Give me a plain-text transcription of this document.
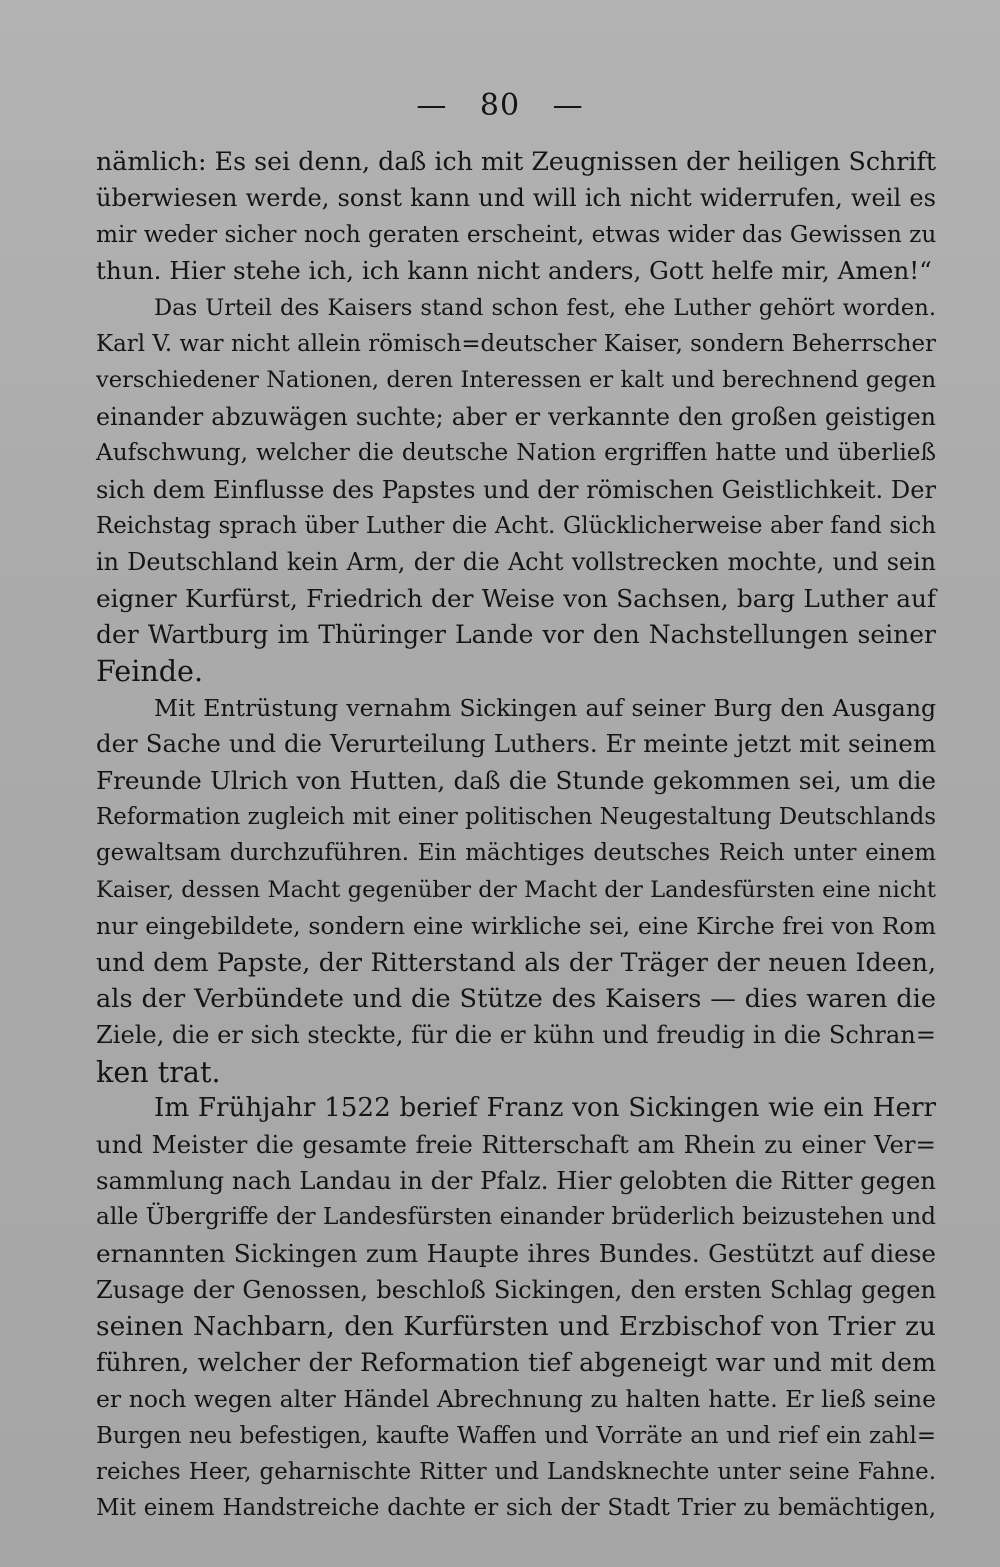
— 80 —
nämlich: Es sei denn, daß ich mit Zeugnissen der heiligen Schrift
überwiesen werde, sonst kann und will ich nicht widerrufen, weil es
mir weder sicher noch geraten erscheint, etwas wider das Gewissen zu
thun. Hier stehe ich, ich kann nicht anders, Gott helfe mir, Amen!“
Das Urteil des Kaisers stand schon fest, ehe Luther gehört worden.
Karl V. war nicht allein römisch=deutscher Kaiser, sondern Beherrscher
verschiedener Nationen, deren Interessen er kalt und berechnend gegen
einander abzuwägen suchte; aber er verkannte den großen geistigen
Aufschwung, welcher die deutsche Nation ergriffen hatte und überließ
sich dem Einflusse des Papstes und der römischen Geistlichkeit. Der
Reichstag sprach über Luther die Acht. Glücklicherweise aber fand sich
in Deutschland kein Arm, der die Acht vollstrecken mochte, und sein
eigner Kurfürst, Friedrich der Weise von Sachsen, barg Luther auf
der Wartburg im Thüringer Lande vor den Nachstellungen seiner
Feinde.
Mit Entrüstung vernahm Sickingen auf seiner Burg den Ausgang
der Sache und die Verurteilung Luthers. Er meinte jetzt mit seinem
Freunde Ulrich von Hutten, daß die Stunde gekommen sei, um die
Reformation zugleich mit einer politischen Neugestaltung Deutschlands
gewaltsam durchzuführen. Ein mächtiges deutsches Reich unter einem
Kaiser, dessen Macht gegenüber der Macht der Landesfürsten eine nicht
nur eingebildete, sondern eine wirkliche sei, eine Kirche frei von Rom
und dem Papste, der Ritterstand als der Träger der neuen Ideen,
als der Verbündete und die Stütze des Kaisers — dies waren die
Ziele, die er sich steckte, für die er kühn und freudig in die Schran=
ken trat.
Im Frühjahr 1522 berief Franz von Sickingen wie ein Herr
und Meister die gesamte freie Ritterschaft am Rhein zu einer Ver=
sammlung nach Landau in der Pfalz. Hier gelobten die Ritter gegen
alle Übergriffe der Landesfürsten einander brüderlich beizustehen und
ernannten Sickingen zum Haupte ihres Bundes. Gestützt auf diese
Zusage der Genossen, beschloß Sickingen, den ersten Schlag gegen
seinen Nachbarn, den Kurfürsten und Erzbischof von Trier zu
führen, welcher der Reformation tief abgeneigt war und mit dem
er noch wegen alter Händel Abrechnung zu halten hatte. Er ließ seine
Burgen neu befestigen, kaufte Waffen und Vorräte an und rief ein zahl=
reiches Heer, geharnischte Ritter und Landsknechte unter seine Fahne.
Mit einem Handstreiche dachte er sich der Stadt Trier zu bemächtigen,
